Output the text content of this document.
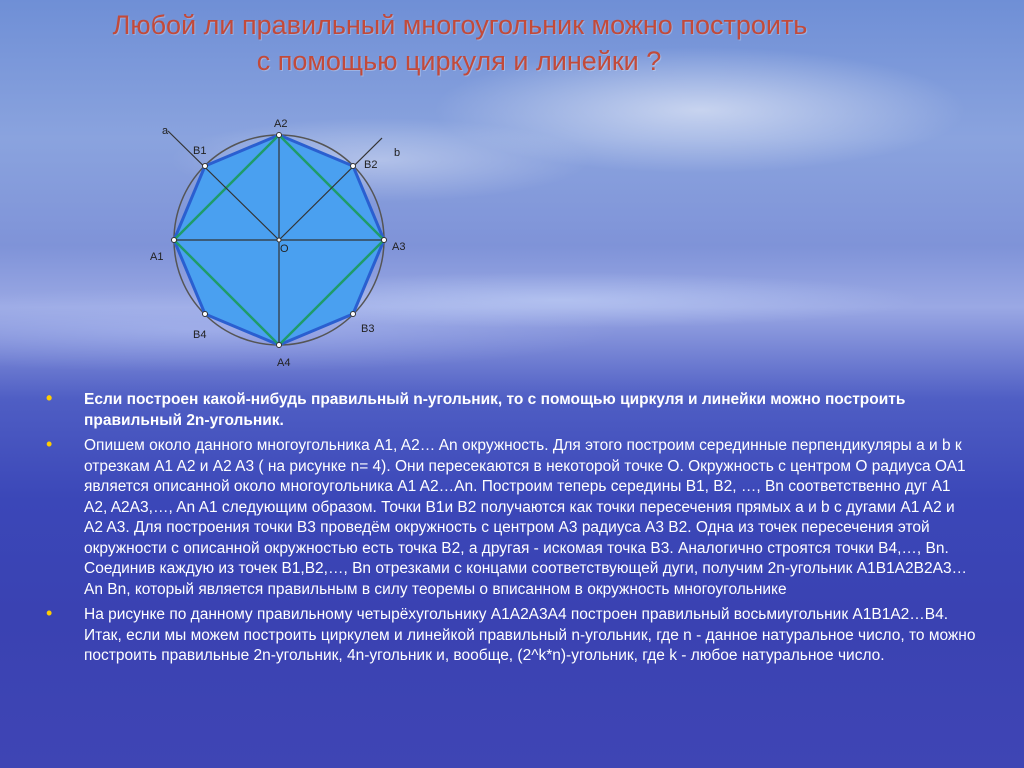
Любой ли правильный многоугольник можно построить
с помощью циркуля и линейки ?
a
b
A2
B1
B2
A1
O	A3
B4	B3
A4
• Если построен какой-нибудь правильный n-угольник, то с помощью циркуля и линейки можно построить правильный 2n-угольник.
• Опишем около данного многоугольника A1, A2… An окружность. Для этого построим серединные перпендикуляры a и b к отрезкам A1 A2 и A2 A3 ( на рисунке n= 4). Они пересекаются в некоторой точке O. Окружность с центром О радиуса ОА1 является описанной около многоугольника A1 A2…An. Построим теперь середины B1, B2, …, Bn соответственно дуг A1 A2, A2A3,…, An A1 следующим образом. Точки B1и B2 получаются как точки пересечения прямых a и b с дугами A1 A2 и A2 A3. Для построения точки B3 проведём окружность с центром A3 радиуса A3 B2. Одна из точек пересечения этой окружности с описанной окружностью есть точка B2, а другая - искомая точка B3. Аналогично строятся точки B4,…, Bn. Соединив каждую из точек B1,B2,…, Bn отрезками с концами соответствующей дуги, получим 2n-угольник A1B1A2B2A3… An Bn, который является правильным в силу теоремы о вписанном в окружность многоугольнике
• На рисунке по данному правильному четырёхугольнику A1A2A3A4 построен правильный восьмиугольник A1B1A2…B4. Итак, если мы можем построить циркулем и линейкой правильный n-угольник, где n - данное натуральное число, то можно построить правильные 2n-угольник, 4n-угольник и, вообще, (2^k*n)-угольник, где k - любое натуральное число.
